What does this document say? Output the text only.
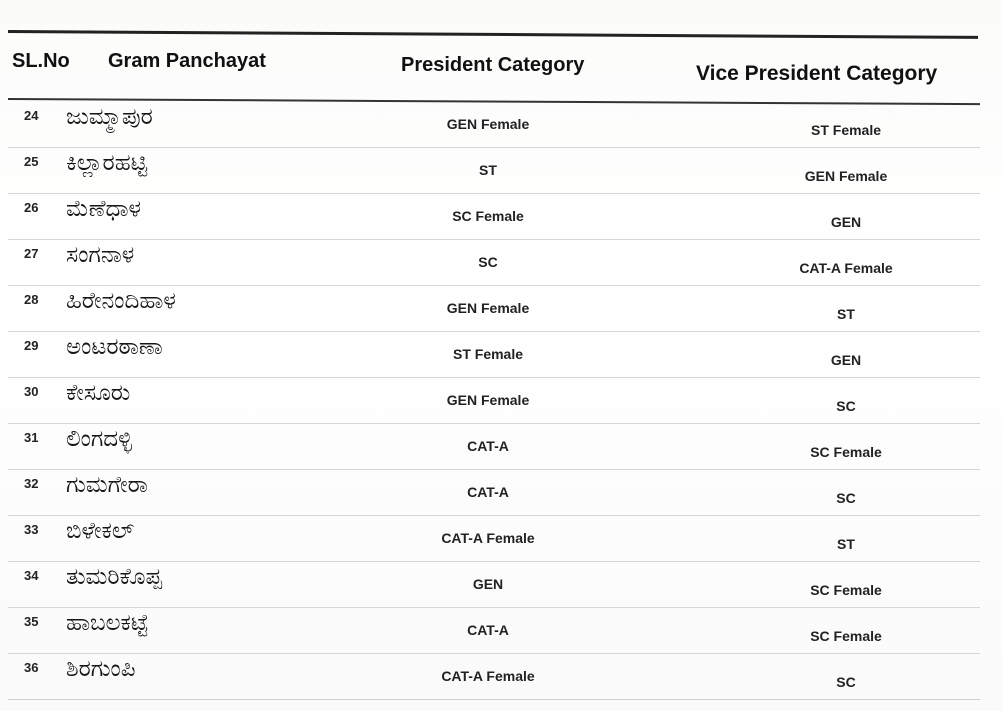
SL.No Gram Panchayat	President Category	Vice President Category
24 ಜುಮ್ಮಾಪುರ	GEN Female	ST Female
25 ಕಿಲ್ಲಾರಹಟ್ಟಿ	ST	GEN Female
26 ಮೆಣೆಧಾಳ	SC Female	GEN
27 ಸಂಗನಾಳ	SC	CAT-A Female
28 ಹಿರೇನಂದಿಹಾಳ	GEN Female	ST
29 ಅಂಟರಠಾಣಾ	ST Female	GEN
30 ಕೇಸೂರು	GEN Female	SC
31 ಲಿಂಗದಳ್ಳಿ	CAT-A	SC Female
32 ಗುಮಗೇರಾ	CAT-A	SC
33 ಬಿಳೇಕಲ್	CAT-A Female	ST
34 ತುಮರಿಕೊಪ್ಪ	GEN	SC Female
35 ಹಾಬಲಕಟ್ಟೆ	CAT-A	SC Female
36 ಶಿರಗುಂಪಿ	CAT-A Female	SC
